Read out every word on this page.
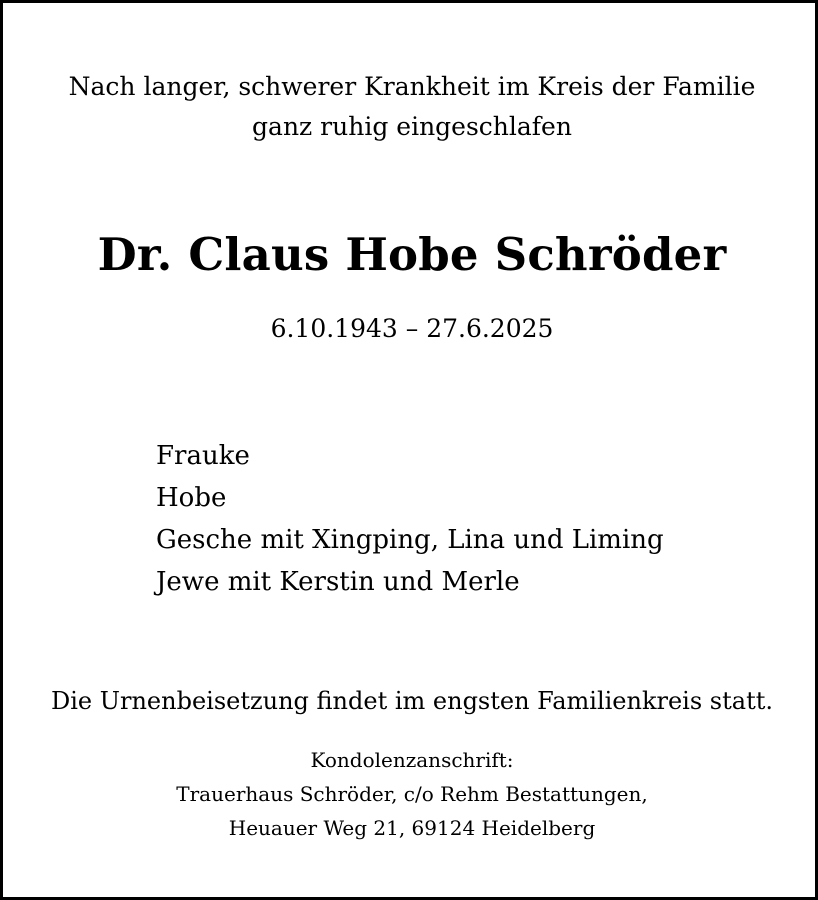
Nach langer, schwerer Krankheit im Kreis der Familie
ganz ruhig eingeschlafen
Dr. Claus Hobe Schröder
6.10.1943 – 27.6.2025
Frauke
Hobe
Gesche mit Xingping, Lina und Liming
Jewe mit Kerstin und Merle
Die Urnenbeisetzung findet im engsten Familienkreis statt.
Kondolenzanschrift:
Trauerhaus Schröder, c/o Rehm Bestattungen,
Heuauer Weg 21, 69124 Heidelberg
